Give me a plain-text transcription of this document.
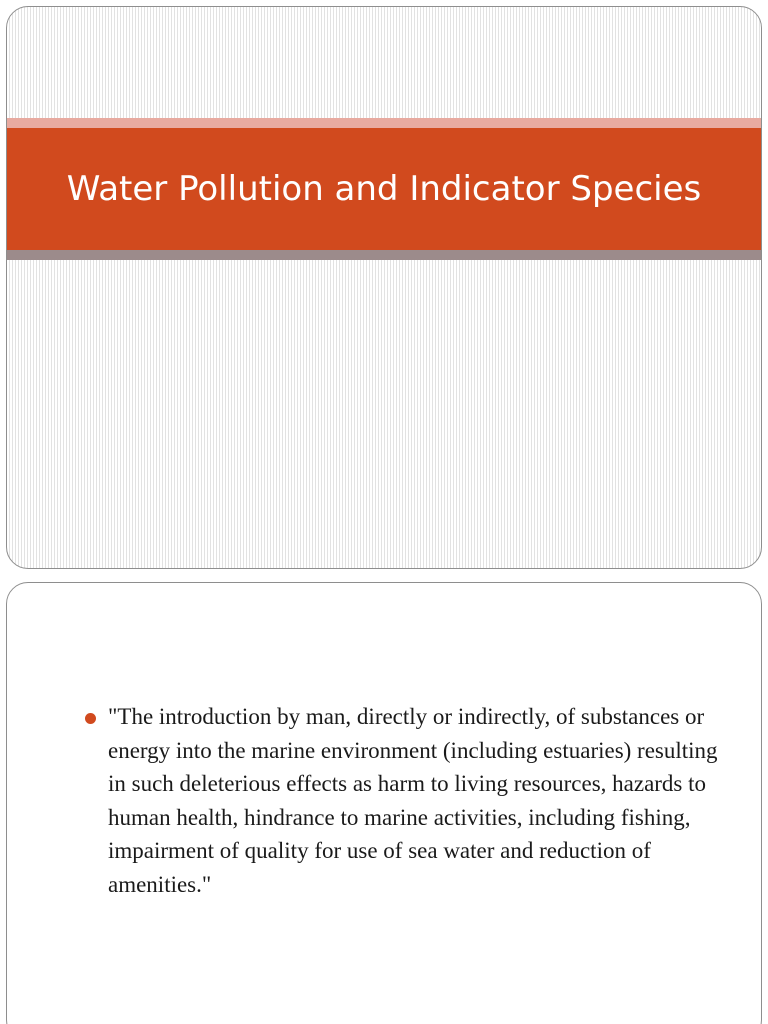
Water Pollution and Indicator Species

"The introduction by man, directly or indirectly, of substances or energy into the marine environment (including estuaries) resulting in such deleterious effects as harm to living resources, hazards to human health, hindrance to marine activities, including fishing, impairment of quality for use of sea water and reduction of amenities."
